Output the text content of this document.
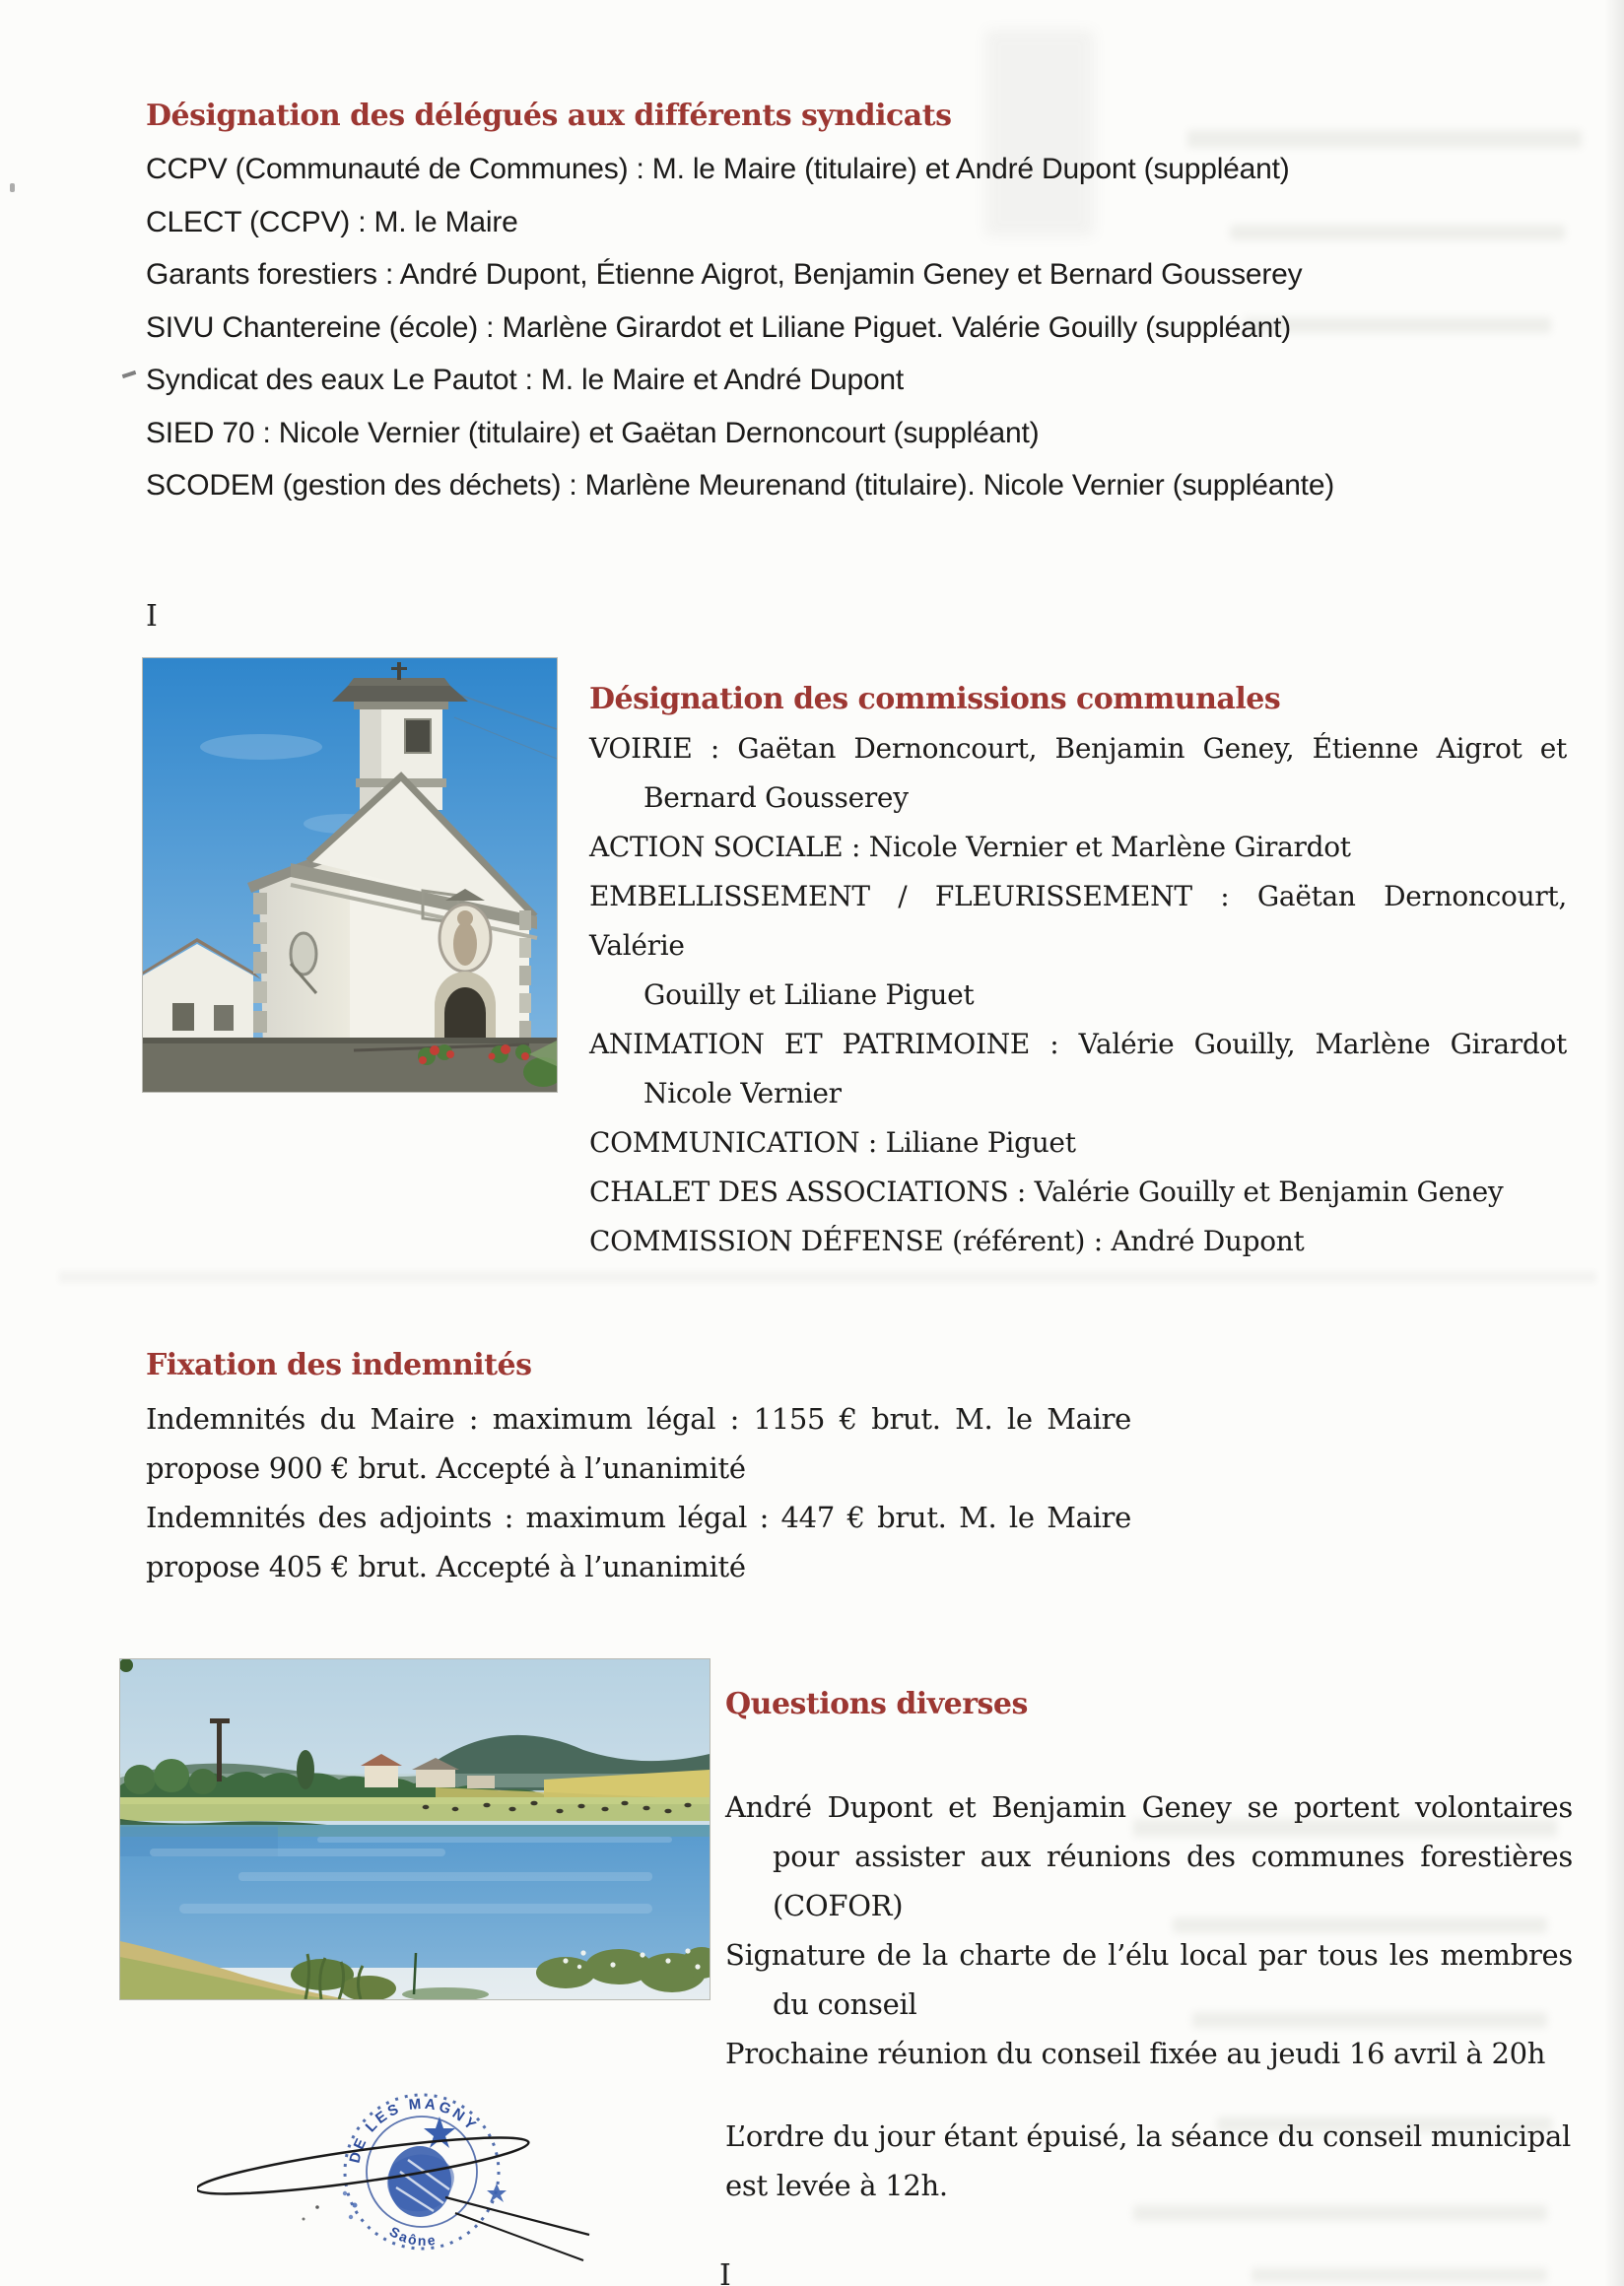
Désignation des délégués aux différents syndicats
CCPV (Communauté de Communes) : M. le Maire (titulaire) et André Dupont (suppléant)
CLECT (CCPV) : M. le Maire
Garants forestiers : André Dupont, Étienne Aigrot, Benjamin Geney et Bernard Gousserey
SIVU Chantereine (école) : Marlène Girardot et Liliane Piguet. Valérie Gouilly (suppléant)
Syndicat des eaux Le Pautot : M. le Maire et André Dupont
SIED 70 : Nicole Vernier (titulaire) et Gaëtan Dernoncourt (suppléant)
SCODEM (gestion des déchets) : Marlène Meurenand (titulaire). Nicole Vernier (suppléante)
I
Désignation des commissions communales
VOIRIE : Gaëtan Dernoncourt, Benjamin Geney, Étienne Aigrot et
Bernard Gousserey
ACTION SOCIALE : Nicole Vernier et Marlène Girardot
EMBELLISSEMENT / FLEURISSEMENT : Gaëtan Dernoncourt, Valérie
Gouilly et Liliane Piguet
ANIMATION ET PATRIMOINE : Valérie Gouilly, Marlène Girardot
Nicole Vernier
COMMUNICATION : Liliane Piguet
CHALET DES ASSOCIATIONS : Valérie Gouilly et Benjamin Geney
COMMISSION DÉFENSE (référent) : André Dupont
Fixation des indemnités
Indemnités du Maire : maximum légal : 1155 € brut. M. le Maire
propose 900 € brut. Accepté à l’unanimité
Indemnités des adjoints : maximum légal : 447 € brut. M. le Maire
propose 405 € brut. Accepté à l’unanimité
Questions diverses
André Dupont et Benjamin Geney se portent volontaires
pour assister aux réunions des communes forestières
(COFOR)
Signature de la charte de l’élu local par tous les membres
du conseil
Prochaine réunion du conseil fixée au jeudi 16 avril à 20h
L’ordre du jour étant épuisé, la séance du conseil municipal
est levée à 12h.
DE LES MAGNY
Saône
I
